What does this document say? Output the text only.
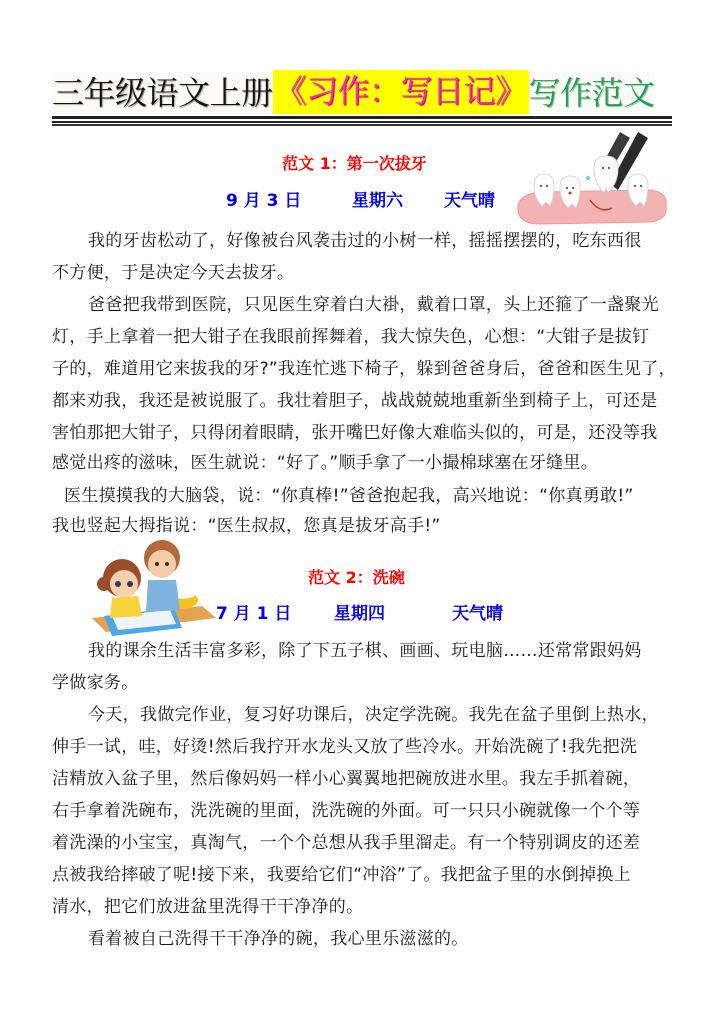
三年级语文上册 《习作：写日记》 写作范文
范文 1：第一次拔牙
9 月 3 日	星期六 天气晴
我的牙齿松动了，好像被台风袭击过的小树一样，摇摇摆摆的，吃东西很
不方便，于是决定今天去拔牙。
爸爸把我带到医院，只见医生穿着白大褂，戴着口罩，头上还箍了一盏聚光
灯，手上拿着一把大钳子在我眼前挥舞着，我大惊失色，心想：“大钳子是拔钉
子的，难道用它来拔我的牙?”我连忙逃下椅子，躲到爸爸身后，爸爸和医生见了，
都来劝我，我还是被说服了。我壮着胆子，战战兢兢地重新坐到椅子上，可还是
害怕那把大钳子，只得闭着眼睛，张开嘴巴好像大难临头似的，可是，还没等我
感觉出疼的滋味，医生就说：“好了。”顺手拿了一小撮棉球塞在牙缝里。
医生摸摸我的大脑袋，说：“你真棒!”爸爸抱起我，高兴地说：“你真勇敢!”
我也竖起大拇指说：“医生叔叔，您真是拔牙高手!”
范文 2：洗碗
7 月 1 日	星期四	天气晴
我的课余生活丰富多彩，除了下五子棋、画画、玩电脑……还常常跟妈妈
学做家务。
今天，我做完作业，复习好功课后，决定学洗碗。我先在盆子里倒上热水，
伸手一试，哇，好烫!然后我拧开水龙头又放了些冷水。开始洗碗了!我先把洗
洁精放入盆子里，然后像妈妈一样小心翼翼地把碗放进水里。我左手抓着碗，
右手拿着洗碗布，洗洗碗的里面，洗洗碗的外面。可一只只小碗就像一个个等
着洗澡的小宝宝，真淘气，一个个总想从我手里溜走。有一个特别调皮的还差
点被我给摔破了呢!接下来，我要给它们“冲浴”了。我把盆子里的水倒掉换上
清水，把它们放进盆里洗得干干净净的。
看着被自己洗得干干净净的碗，我心里乐滋滋的。
